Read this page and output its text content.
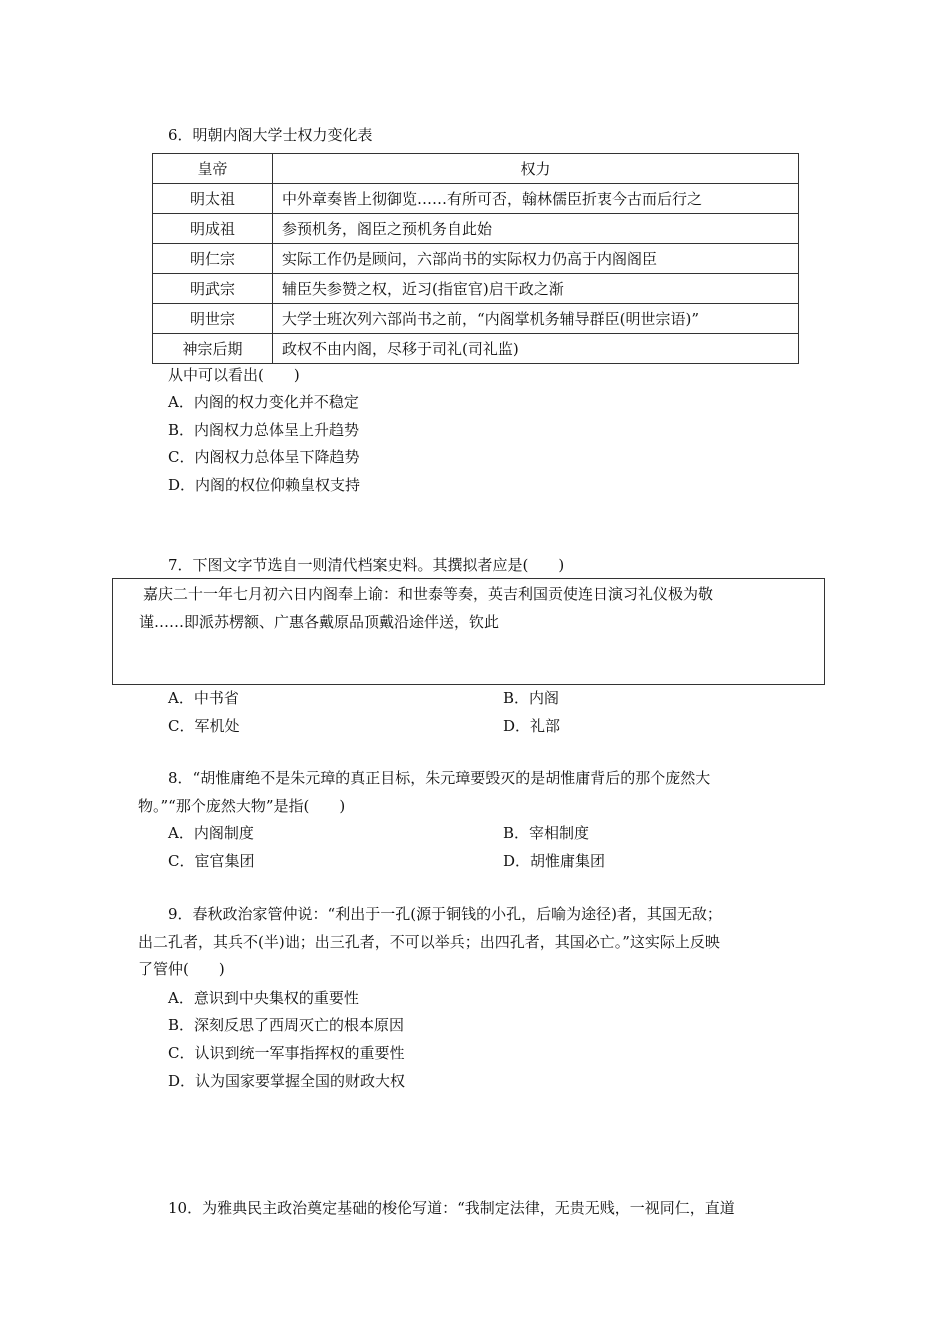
6．明朝内阁大学士权力变化表
皇帝	权力
明太祖	中外章奏皆上彻御览……有所可否，翰林儒臣折衷今古而后行之
明成祖	参预机务，阁臣之预机务自此始
明仁宗	实际工作仍是顾问，六部尚书的实际权力仍高于内阁阁臣
明武宗	辅臣失参赞之权，近习(指宦官)启干政之渐
明世宗	大学士班次列六部尚书之前，“内阁掌机务辅导群臣(明世宗语)”
神宗后期	政权不由内阁，尽移于司礼(司礼监)
从中可以看出(　　)
A．内阁的权力变化并不稳定
B．内阁权力总体呈上升趋势
C．内阁权力总体呈下降趋势
D．内阁的权位仰赖皇权支持
7．下图文字节选自一则清代档案史料。其撰拟者应是(　　)
嘉庆二十一年七月初六日内阁奉上谕：和世泰等奏，英吉利国贡使连日演习礼仪极为敬
谨……即派苏楞额、广惠各戴原品顶戴沿途伴送，钦此
A．中书省	B．内阁
C．军机处	D．礼部
8．“胡惟庸绝不是朱元璋的真正目标，朱元璋要毁灭的是胡惟庸背后的那个庞然大
物。”“那个庞然大物”是指(　　)
A．内阁制度	B．宰相制度
C．宦官集团	D．胡惟庸集团
9．春秋政治家管仲说：“利出于一孔(源于铜钱的小孔，后喻为途径)者，其国无敌；
出二孔者，其兵不(半)诎；出三孔者，不可以举兵；出四孔者，其国必亡。”这实际上反映
了管仲(　　)
A．意识到中央集权的重要性
B．深刻反思了西周灭亡的根本原因
C．认识到统一军事指挥权的重要性
D．认为国家要掌握全国的财政大权
10．为雅典民主政治奠定基础的梭伦写道：“我制定法律，无贵无贱，一视同仁，直道
